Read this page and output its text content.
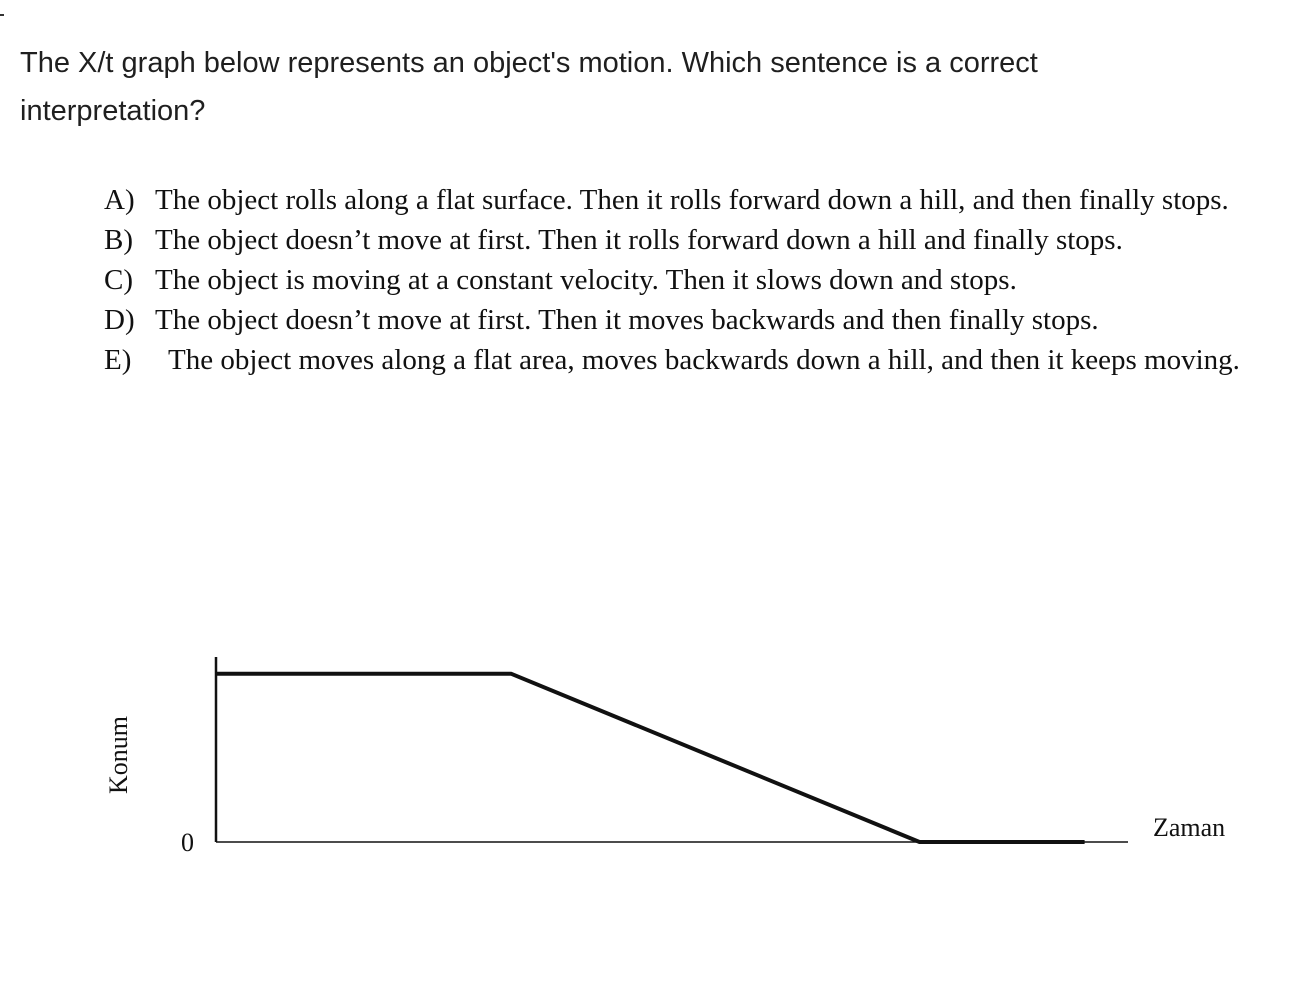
The X/t graph below represents an object's motion. Which sentence is a correct interpretation?

A) The object rolls along a flat surface. Then it rolls forward down a hill, and then finally stops.
B) The object doesn’t move at first. Then it rolls forward down a hill and finally stops.
C) The object is moving at a constant velocity. Then it slows down and stops.
D) The object doesn’t move at first. Then it moves backwards and then finally stops.
E)	The object moves along a flat area, moves backwards down a hill, and then it keeps moving.
Zaman
Konum
0
